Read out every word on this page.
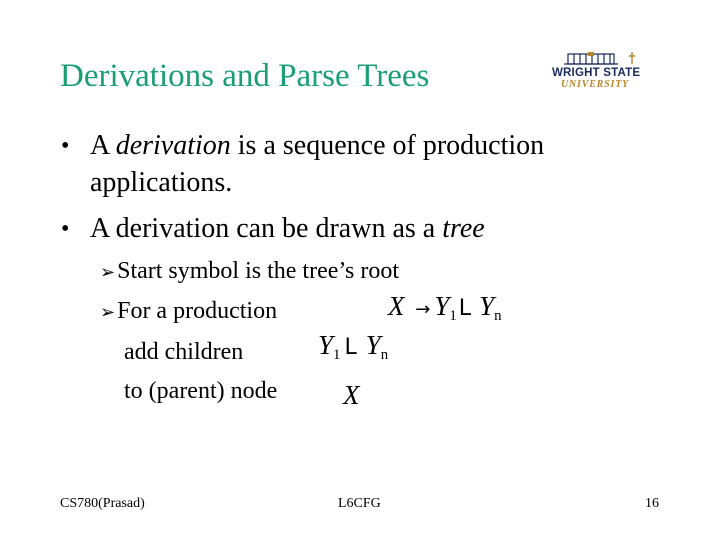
Derivations and Parse Trees	WRIGHT STATE
UNIVERSITY
• A derivation is a sequence of production
applications.
• A derivation can be drawn as a tree
➢Start symbol is the tree’s root
➢For a production
add children
to (parent) node
$X \to Y_1L$ $Y_n$
$Y_1$ L $Y_n$
X
CS780(Prasad)	L6CFG	16
